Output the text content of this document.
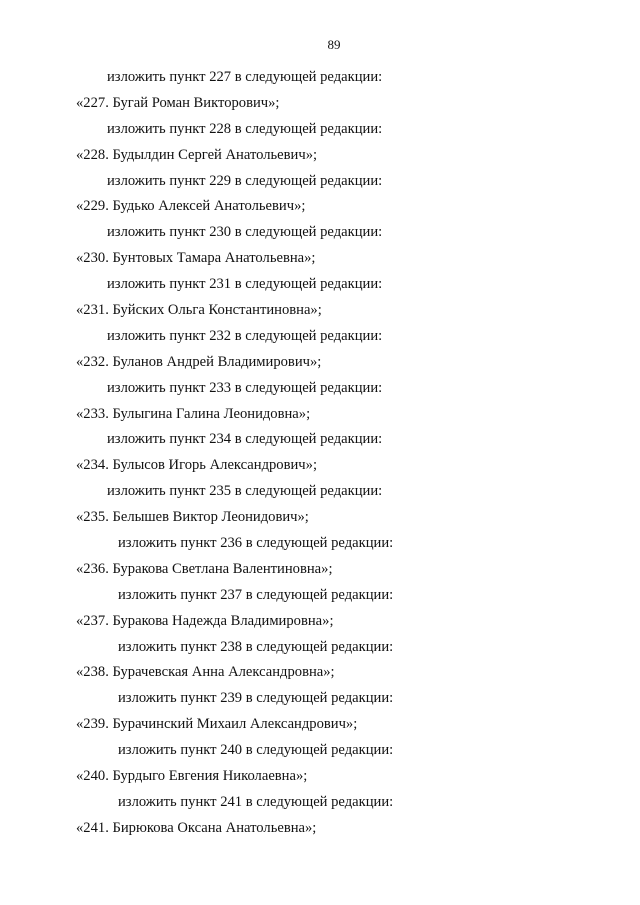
89
изложить пункт 227 в следующей редакции:
«227. Бугай Роман Викторович»;
изложить пункт 228 в следующей редакции:
«228. Будылдин Сергей Анатольевич»;
изложить пункт 229 в следующей редакции:
«229. Будько Алексей Анатольевич»;
изложить пункт 230 в следующей редакции:
«230. Бунтовых Тамара Анатольевна»;
изложить пункт 231 в следующей редакции:
«231. Буйских Ольга Константиновна»;
изложить пункт 232 в следующей редакции:
«232. Буланов Андрей Владимирович»;
изложить пункт 233 в следующей редакции:
«233. Булыгина Галина Леонидовна»;
изложить пункт 234 в следующей редакции:
«234. Булысов Игорь Александрович»;
изложить пункт 235 в следующей редакции:
«235. Белышев Виктор Леонидович»;
изложить пункт 236 в следующей редакции:
«236. Буракова Светлана Валентиновна»;
изложить пункт 237 в следующей редакции:
«237. Буракова Надежда Владимировна»;
изложить пункт 238 в следующей редакции:
«238. Бурачевская Анна Александровна»;
изложить пункт 239 в следующей редакции:
«239. Бурачинский Михаил Александрович»;
изложить пункт 240 в следующей редакции:
«240. Бурдыго Евгения Николаевна»;
изложить пункт 241 в следующей редакции:
«241. Бирюкова Оксана Анатольевна»;
